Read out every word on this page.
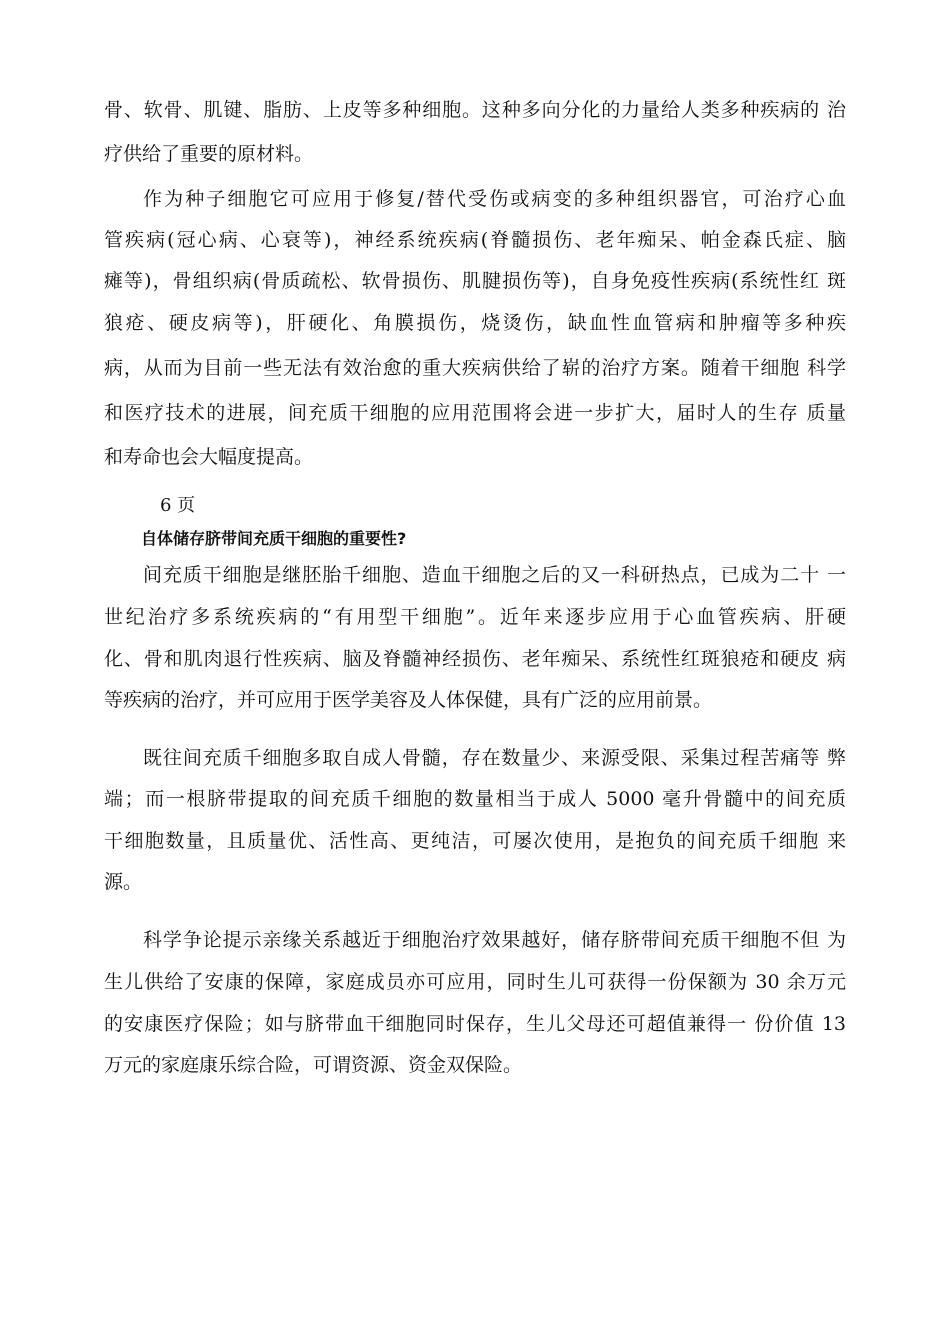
骨、软骨、肌键、脂肪、上皮等多种细胞。这种多向分化的力量给人类多种疾病的 治
疗供给了重要的原材料。
作为种子细胞它可应用于修复/替代受伤或病变的多种组织器官，可治疗心血
管疾病(冠心病、心衰等)，神经系统疾病(脊髓损伤、老年痴呆、帕金森氏症、脑
瘫等)，骨组织病(骨质疏松、软骨损伤、肌腱损伤等)，自身免疫性疾病(系统性红 斑
狼疮、硬皮病等)，肝硬化、角膜损伤，烧烫伤，缺血性血管病和肿瘤等多种疾
病，从而为目前一些无法有效治愈的重大疾病供给了崭的治疗方案。随着干细胞 科学
和医疗技术的进展，间充质干细胞的应用范围将会进一步扩大，届时人的生存 质量
和寿命也会大幅度提高。
6 页
自体储存脐带间充质干细胞的重要性?
间充质干细胞是继胚胎千细胞、造血干细胞之后的又一科研热点，已成为二十 一
世纪治疗多系统疾病的“有用型干细胞”。近年来逐步应用于心血管疾病、肝硬
化、骨和肌肉退行性疾病、脑及脊髓神经损伤、老年痴呆、系统性红斑狼疮和硬皮 病
等疾病的治疗，并可应用于医学美容及人体保健，具有广泛的应用前景。
既往间充质千细胞多取自成人骨髓，存在数量少、来源受限、采集过程苦痛等 弊
端；而一根脐带提取的间充质千细胞的数量相当于成人 5000 毫升骨髓中的间充质
干细胞数量，且质量优、活性高、更纯洁，可屡次使用，是抱负的间充质千细胞 来
源。
科学争论提示亲缘关系越近于细胞治疗效果越好，储存脐带间充质干细胞不但 为
生儿供给了安康的保障，家庭成员亦可应用，同时生儿可获得一份保额为 30 余万元
的安康医疗保险；如与脐带血干细胞同时保存，生儿父母还可超值兼得一 份价值 13
万元的家庭康乐综合险，可谓资源、资金双保险。
